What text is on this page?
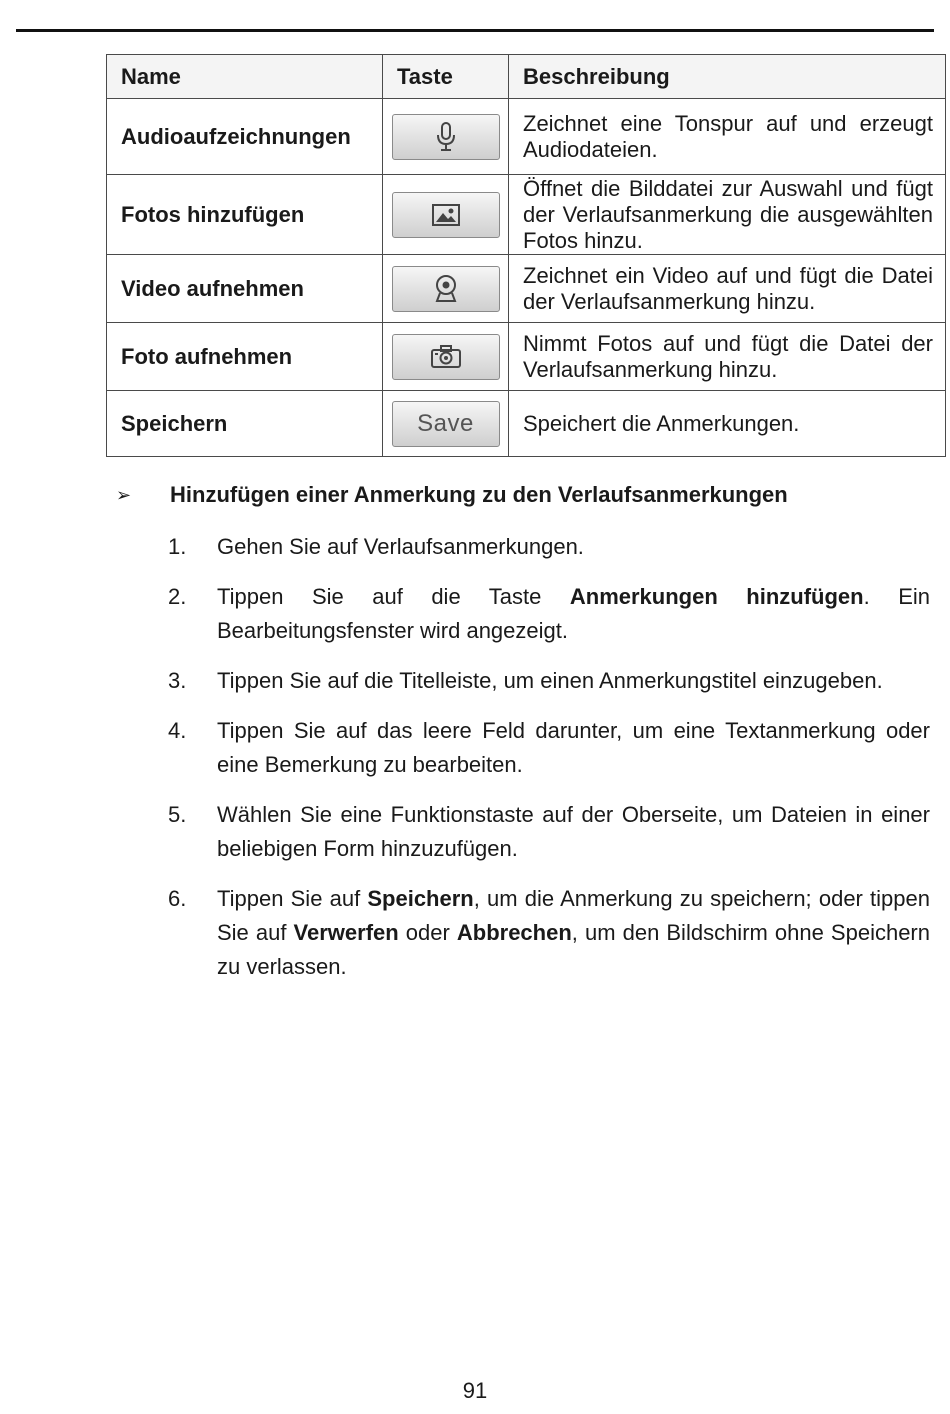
Name	Taste	Beschreibung
Audioaufzeichnungen		Zeichnet eine Tonspur auf und erzeugt Audiodateien.
Fotos hinzufügen		Öffnet die Bilddatei zur Auswahl und fügt der Verlaufsanmerkung die ausgewählten Fotos hinzu.
Video aufnehmen		Zeichnet ein Video auf und fügt die Datei der Verlaufsanmerkung hinzu.
Foto aufnehmen		Nimmt Fotos auf und fügt die Datei der Verlaufsanmerkung hinzu.
Speichern	Save	Speichert die Anmerkungen.
➢ Hinzufügen einer Anmerkung zu den Verlaufsanmerkungen
1. Gehen Sie auf Verlaufsanmerkungen.
2. Tippen Sie auf die Taste Anmerkungen hinzufügen. Ein Bearbeitungsfenster wird angezeigt.
3. Tippen Sie auf die Titelleiste, um einen Anmerkungstitel einzugeben.
4. Tippen Sie auf das leere Feld darunter, um eine Textanmerkung oder eine Bemerkung zu bearbeiten.
5. Wählen Sie eine Funktionstaste auf der Oberseite, um Dateien in einer beliebigen Form hinzuzufügen.
6. Tippen Sie auf Speichern, um die Anmerkung zu speichern; oder tippen Sie auf Verwerfen oder Abbrechen, um den Bildschirm ohne Speichern zu verlassen.
91
